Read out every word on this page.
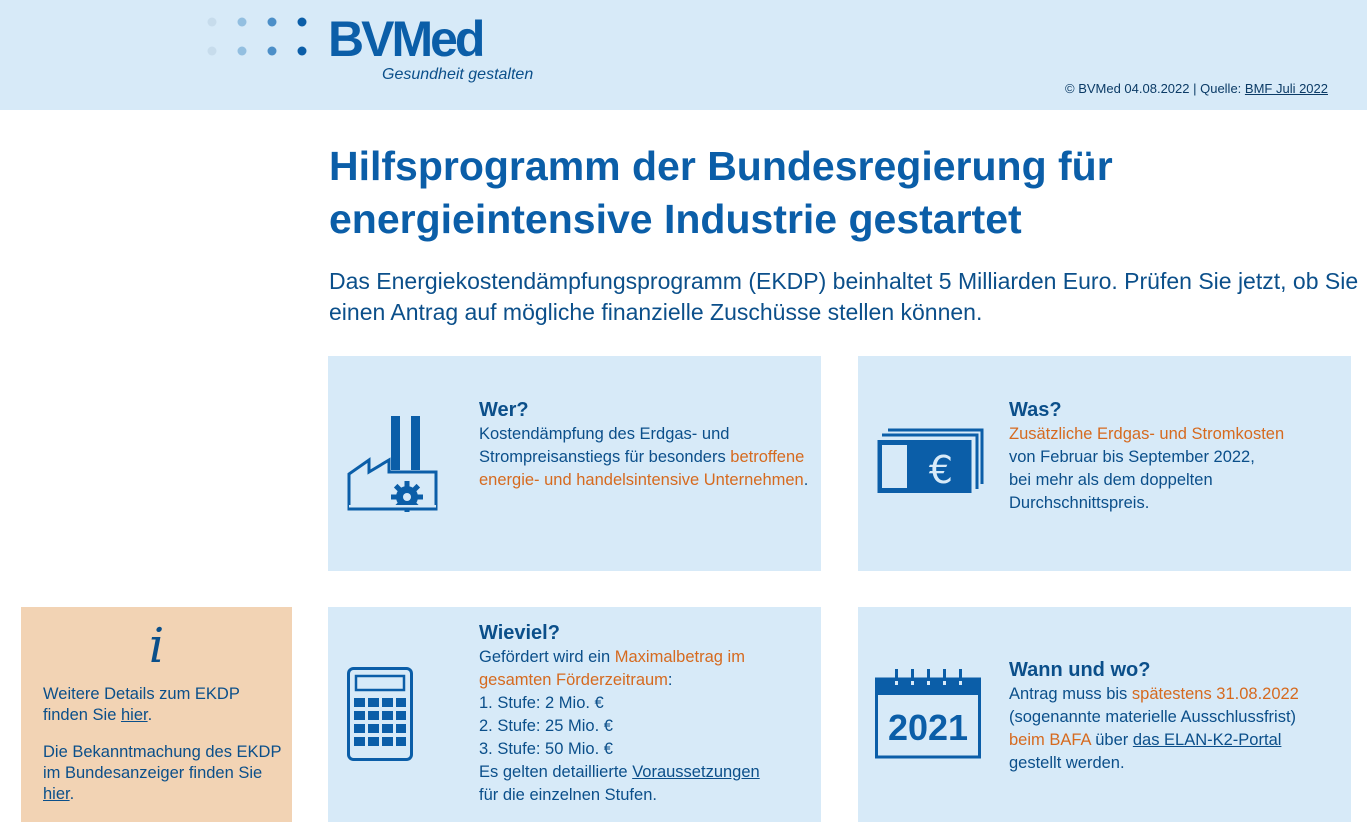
BVMed
Gesundheit gestalten
© BVMed 04.08.2022 | Quelle: BMF Juli 2022
Hilfsprogramm der Bundesregierung für energieintensive Industrie gestartet

Das Energiekostendämpfungsprogramm (EKDP) beinhaltet 5 Milliarden Euro. Prüfen Sie jetzt, ob Sie einen Antrag auf mögliche finanzielle Zuschüsse stellen können.

Wer?

Kostendämpfung des Erdgas- und Strompreisanstiegs für besonders betroffene energie- und handelsintensive Unternehmen.	€
Was?

Zusätzliche Erdgas- und Stromkosten

von Februar bis September 2022,

bei mehr als dem doppelten

Durchschnittspreis.

i

Weitere Details zum EKDP finden Sie hier.

Die Bekanntmachung des EKDP im Bundesanzeiger finden Sie hier.

Wieviel?

Gefördert wird ein Maximalbetrag im gesamten Förderzeitraum:

1. Stufe: 2 Mio. €

2. Stufe: 25 Mio. €

3. Stufe: 50 Mio. €

Es gelten detaillierte Voraussetzungen
für die einzelnen Stufen.

2021
Wann und wo?

Antrag muss bis spätestens 31.08.2022
(sogenannte materielle Ausschlussfrist)
beim BAFA über das ELAN-K2-Portal
gestellt werden.
